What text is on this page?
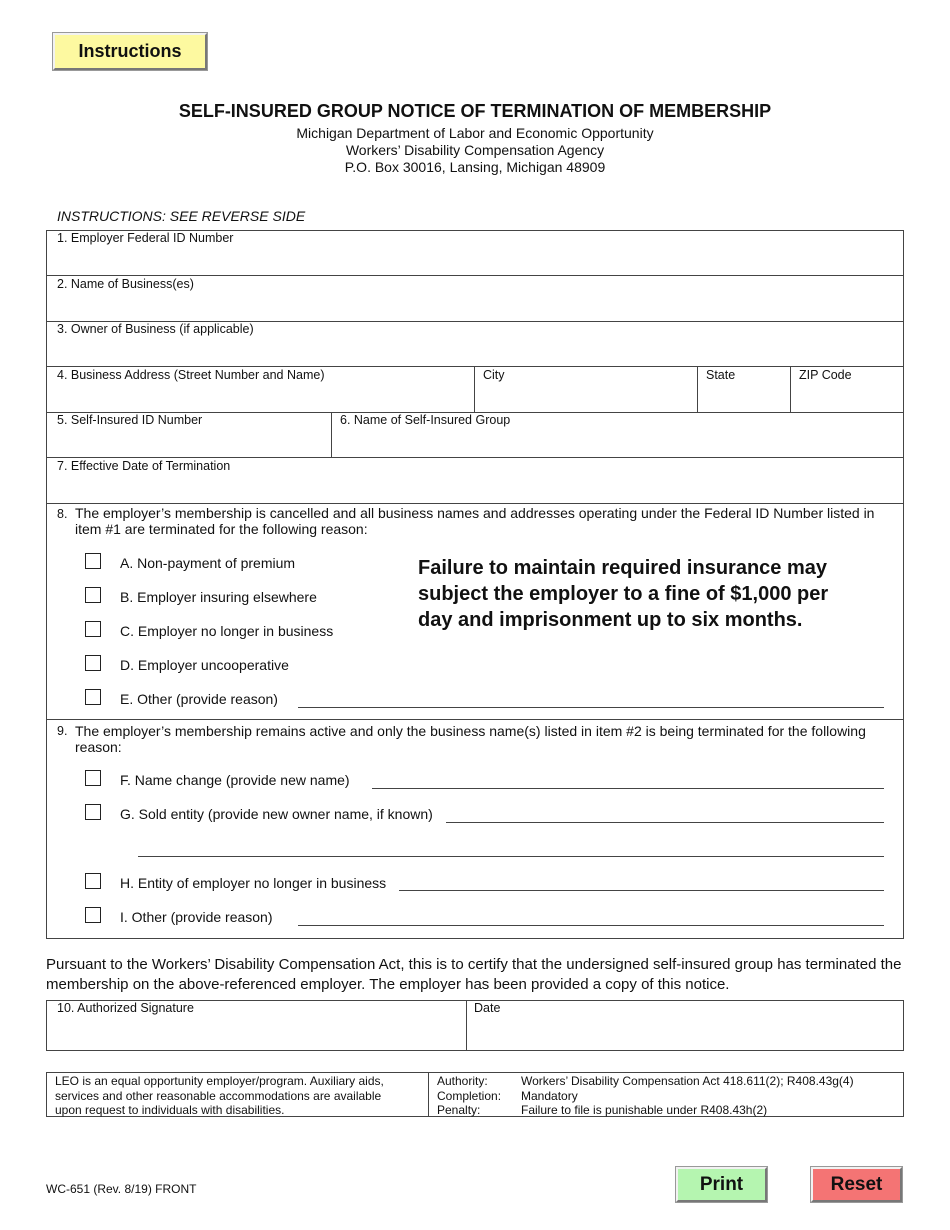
Instructions
SELF-INSURED GROUP NOTICE OF TERMINATION OF MEMBERSHIP
Michigan Department of Labor and Economic Opportunity
Workers’ Disability Compensation Agency
P.O. Box 30016, Lansing, Michigan 48909
INSTRUCTIONS: SEE REVERSE SIDE
1. Employer Federal ID Number
2. Name of Business(es)
3. Owner of Business (if applicable)
4. Business Address (Street Number and Name)	City	State	ZIP Code
5. Self-Insured ID Number	6. Name of Self-Insured Group
7. Effective Date of Termination
8. The employer’s membership is cancelled and all business names and addresses operating under the Federal ID Number listed in
item #1 are terminated for the following reason:
A. Non-payment of premium
B. Employer insuring elsewhere
C. Employer no longer in business
D. Employer uncooperative
E. Other (provide reason)
Failure to maintain required insurance may subject the employer to a fine of $1,000 per day and imprisonment up to six months.
9. The employer’s membership remains active and only the business name(s) listed in item #2 is being terminated for the following
reason:
F. Name change (provide new name)
G. Sold entity (provide new owner name, if known)
H. Entity of employer no longer in business
I. Other (provide reason)
Pursuant to the Workers’ Disability Compensation Act, this is to certify that the undersigned self-insured group has terminated the membership on the above-referenced employer. The employer has been provided a copy of this notice.
10. Authorized Signature	Date
LEO is an equal opportunity employer/program. Auxiliary aids,
services and other reasonable accommodations are available
upon request to individuals with disabilities.
Authority:	Workers’ Disability Compensation Act 418.611(2); R408.43g(4)
Completion: Mandatory
Penalty:	Failure to file is punishable under R408.43h(2)
WC-651 (Rev. 8/19) FRONT	Print	Reset
